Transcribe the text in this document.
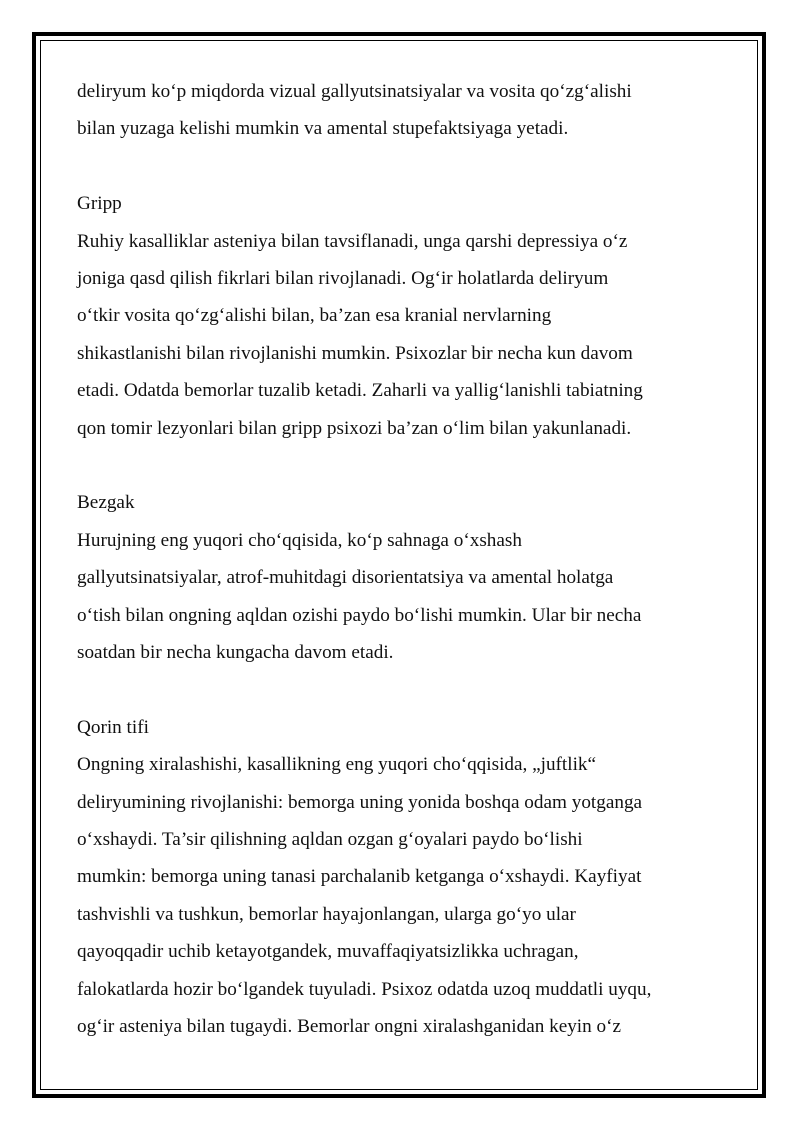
deliryum ko‘p miqdorda vizual gallyutsinatsiyalar va vosita qo‘zg‘alishi

bilan yuzaga kelishi mumkin va amental stupefaktsiyaga yetadi.

Gripp

Ruhiy kasalliklar asteniya bilan tavsiflanadi, unga qarshi depressiya o‘z

joniga qasd qilish fikrlari bilan rivojlanadi. Og‘ir holatlarda deliryum

o‘tkir vosita qo‘zg‘alishi bilan, ba’zan esa kranial nervlarning

shikastlanishi bilan rivojlanishi mumkin. Psixozlar bir necha kun davom

etadi. Odatda bemorlar tuzalib ketadi. Zaharli va yallig‘lanishli tabiatning

qon tomir lezyonlari bilan gripp psixozi ba’zan o‘lim bilan yakunlanadi.

Bezgak

Hurujning eng yuqori cho‘qqisida, ko‘p sahnaga o‘xshash

gallyutsinatsiyalar, atrof-muhitdagi disorientatsiya va amental holatga

o‘tish bilan ongning aqldan ozishi paydo bo‘lishi mumkin. Ular bir necha

soatdan bir necha kungacha davom etadi.

Qorin tifi

Ongning xiralashishi, kasallikning eng yuqori cho‘qqisida, „juftlik“

deliryumining rivojlanishi: bemorga uning yonida boshqa odam yotganga

o‘xshaydi. Ta’sir qilishning aqldan ozgan g‘oyalari paydo bo‘lishi

mumkin: bemorga uning tanasi parchalanib ketganga o‘xshaydi. Kayfiyat

tashvishli va tushkun, bemorlar hayajonlangan, ularga go‘yo ular

qayoqqadir uchib ketayotgandek, muvaffaqiyatsizlikka uchragan,

falokatlarda hozir bo‘lgandek tuyuladi. Psixoz odatda uzoq muddatli uyqu,

og‘ir asteniya bilan tugaydi. Bemorlar ongni xiralashganidan keyin o‘z
